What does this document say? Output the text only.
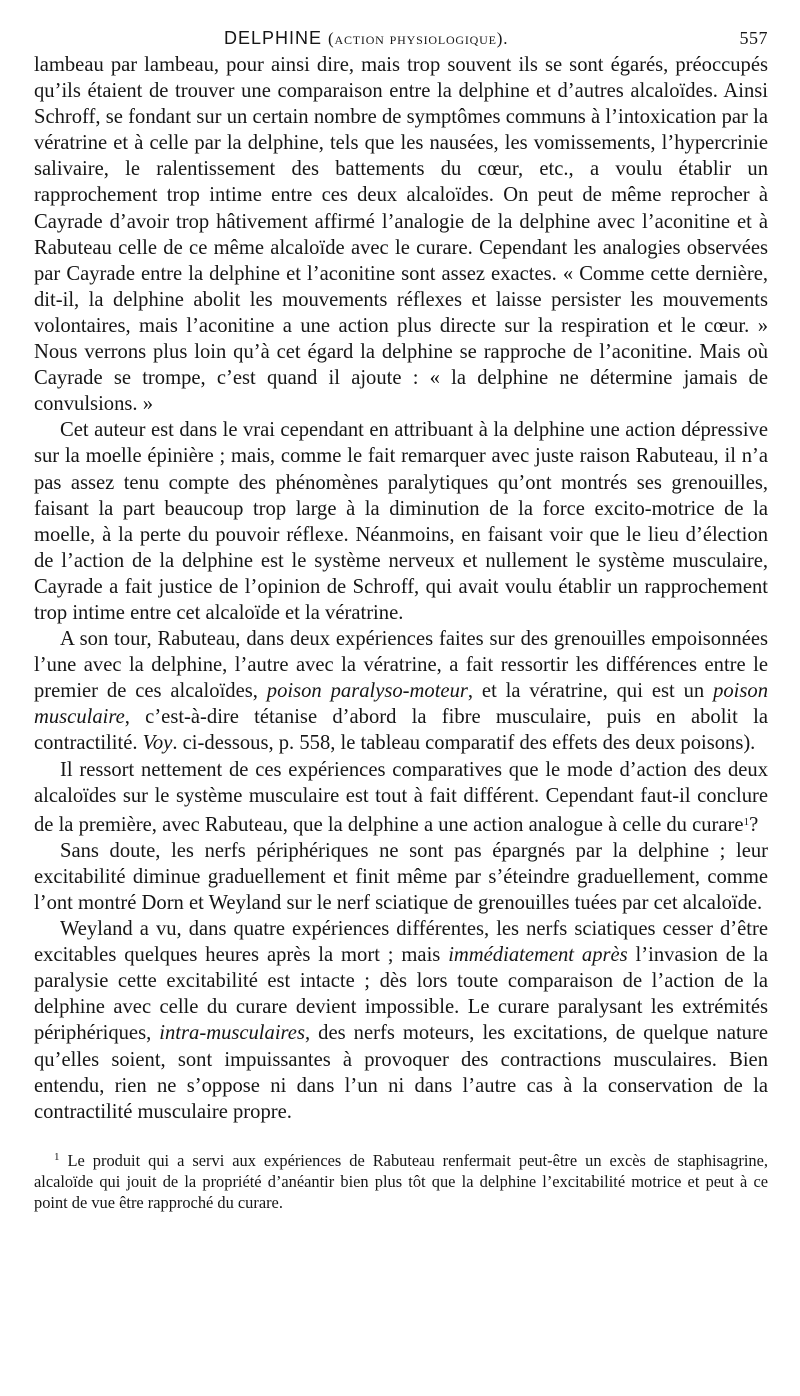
DELPHINE (action physiologique).	557

lambeau par lambeau, pour ainsi dire, mais trop souvent ils se sont égarés, préoccupés qu’ils étaient de trouver une comparaison entre la delphine et d’autres alcaloïdes. Ainsi Schroff, se fondant sur un certain nombre de symptômes communs à l’intoxication par la vératrine et à celle par la delphine, tels que les nausées, les vomissements, l’hypercrinie salivaire, le ralentissement des battements du cœur, etc., a voulu établir un rapprochement trop intime entre ces deux alcaloïdes. On peut de même reprocher à Cayrade d’avoir trop hâtivement affirmé l’analogie de la delphine avec l’aconitine et à Rabuteau celle de ce même alcaloïde avec le curare. Cependant les analogies observées par Cayrade entre la delphine et l’aconitine sont assez exactes. « Comme cette dernière, dit-il, la delphine abolit les mouvements réflexes et laisse persister les mouvements volontaires, mais l’aconitine a une action plus directe sur la respiration et le cœur. » Nous verrons plus loin qu’à cet égard la delphine se rapproche de l’aconitine. Mais où Cayrade se trompe, c’est quand il ajoute : « la delphine ne détermine jamais de convulsions. »

Cet auteur est dans le vrai cependant en attribuant à la delphine une action dépressive sur la moelle épinière ; mais, comme le fait remarquer avec juste raison Rabuteau, il n’a pas assez tenu compte des phénomènes paralytiques qu’ont montrés ses grenouilles, faisant la part beaucoup trop large à la diminution de la force excito-motrice de la moelle, à la perte du pouvoir réflexe. Néanmoins, en faisant voir que le lieu d’élection de l’action de la delphine est le système nerveux et nullement le système musculaire, Cayrade a fait justice de l’opinion de Schroff, qui avait voulu établir un rapprochement trop intime entre cet alcaloïde et la vératrine.

A son tour, Rabuteau, dans deux expériences faites sur des grenouilles empoisonnées l’une avec la delphine, l’autre avec la vératrine, a fait ressortir les différences entre le premier de ces alcaloïdes, poison paralyso-moteur, et la vératrine, qui est un poison musculaire, c’est-à-dire tétanise d’abord la fibre musculaire, puis en abolit la contractilité. Voy. ci-dessous, p. 558, le tableau comparatif des effets des deux poisons).

Il ressort nettement de ces expériences comparatives que le mode d’action des deux alcaloïdes sur le système musculaire est tout à fait différent. Cependant faut-il conclure de la première, avec Rabuteau, que la delphine a une action analogue à celle du curare$^1$?

Sans doute, les nerfs périphériques ne sont pas épargnés par la delphine ; leur excitabilité diminue graduellement et finit même par s’éteindre graduellement, comme l’ont montré Dorn et Weyland sur le nerf sciatique de grenouilles tuées par cet alcaloïde.

Weyland a vu, dans quatre expériences différentes, les nerfs sciatiques cesser d’être excitables quelques heures après la mort ; mais immédiatement après l’invasion de la paralysie cette excitabilité est intacte ; dès lors toute comparaison de l’action de la delphine avec celle du curare devient impossible. Le curare paralysant les extrémités périphériques, intra-musculaires, des nerfs moteurs, les excitations, de quelque nature qu’elles soient, sont impuissantes à provoquer des contractions musculaires. Bien entendu, rien ne s’oppose ni dans l’un ni dans l’autre cas à la conservation de la contractilité musculaire propre.

$^1$ Le produit qui a servi aux expériences de Rabuteau renfermait peut-être un excès de staphisagrine, alcaloïde qui jouit de la propriété d’anéantir bien plus tôt que la delphine l’excitabilité motrice et peut à ce point de vue être rapproché du curare.
